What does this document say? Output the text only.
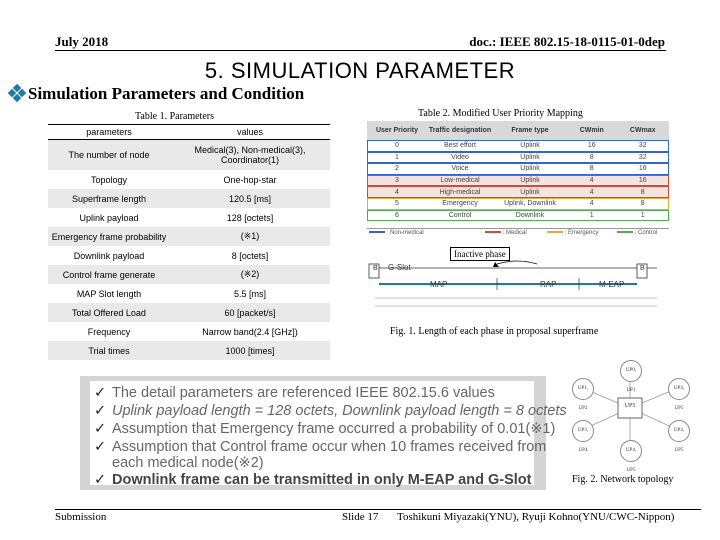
July 2018	doc.: IEEE 802.15-18-0115-01-0dep
5. SIMULATION PARAMETER
Simulation Parameters and Condition
Table 1. Parameters
parameters	values
The number of node	Medical(3), Non-medical(3), Coordinator(1)
Topology	One-hop-star
Superframe length	120.5 [ms]
Uplink payload	128 [octets]
Emergency frame probability	(※1)
Downlink payload	8 [octets]
Control frame generate	(※2)
MAP Slot length	5.5 [ms]
Total Offered Load	60 [packet/s]
Frequency	Narrow band(2.4 [GHz])
Trial times	1000 [times]
Table 2. Modified User Priority Mapping
User Priority	Traffic designation	Frame type	CWmin	CWmax
0	Best effort	Uplink	16	32
1	Video	Uplink	8	32
2	Voice	Uplink	8	16
3	Low-medical	Uplink	4	16
4	High-medical	Uplink	4	8
5	Emergency	Uplink, Downlink	4	8
6	Control	Downlink	1	1
: Non-medical	: Medical	: Emergency	: Control
Inactive phase
B G-Slot
MAP	RAP	M-EAP
B
Fig. 1. Length of each phase in proposal superframe
UP5
UP0, UP1
UP1, UP2
UP4, UP5
UP3, UP4
UP4, UP5
UP4, UP5
Fig. 2. Network topology
✓ The detail parameters are referenced IEEE 802.15.6 values
✓ Uplink payload length = 128 octets, Downlink payload length = 8 octets
✓ Assumption that Emergency frame occurred a probability of 0.01(※1)
✓ Assumption that Control frame occur when 10 frames received from
each medical node(※2)
✓ Downlink frame can be transmitted in only M-EAP and G-Slot
Submission	Slide 17 Toshikuni Miyazaki(YNU), Ryuji Kohno(YNU/CWC-Nippon)
